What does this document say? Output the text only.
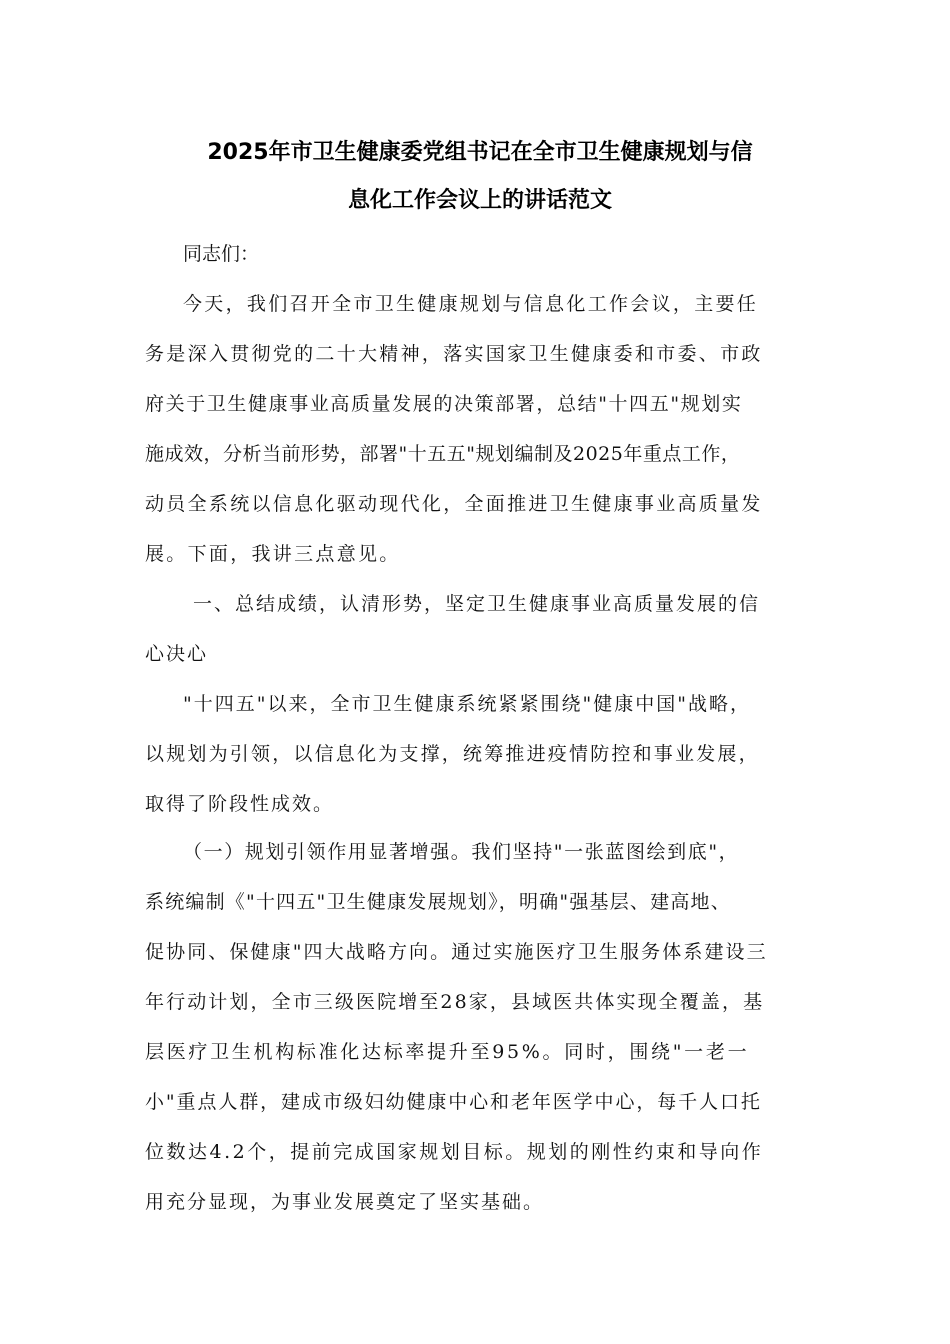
2025年市卫生健康委党组书记在全市卫生健康规划与信
息化工作会议上的讲话范文
同志们：
今天，我们召开全市卫生健康规划与信息化工作会议，主要任
务是深入贯彻党的二十大精神，落实国家卫生健康委和市委、市政
府关于卫生健康事业高质量发展的决策部署，总结"十四五"规划实
施成效，分析当前形势，部署"十五五"规划编制及2025年重点工作，
动员全系统以信息化驱动现代化，全面推进卫生健康事业高质量发
展。下面，我讲三点意见。
一、总结成绩，认清形势，坚定卫生健康事业高质量发展的信
心决心
"十四五"以来，全市卫生健康系统紧紧围绕"健康中国"战略，
以规划为引领，以信息化为支撑，统筹推进疫情防控和事业发展，
取得了阶段性成效。
（一）规划引领作用显著增强。我们坚持"一张蓝图绘到底"，
系统编制《"十四五"卫生健康发展规划》，明确"强基层、建高地、
促协同、保健康"四大战略方向。通过实施医疗卫生服务体系建设三
年行动计划，全市三级医院增至28家，县域医共体实现全覆盖，基
层医疗卫生机构标准化达标率提升至95%。同时，围绕"一老一
小"重点人群，建成市级妇幼健康中心和老年医学中心，每千人口托
位数达4.2个，提前完成国家规划目标。规划的刚性约束和导向作
用充分显现，为事业发展奠定了坚实基础。
